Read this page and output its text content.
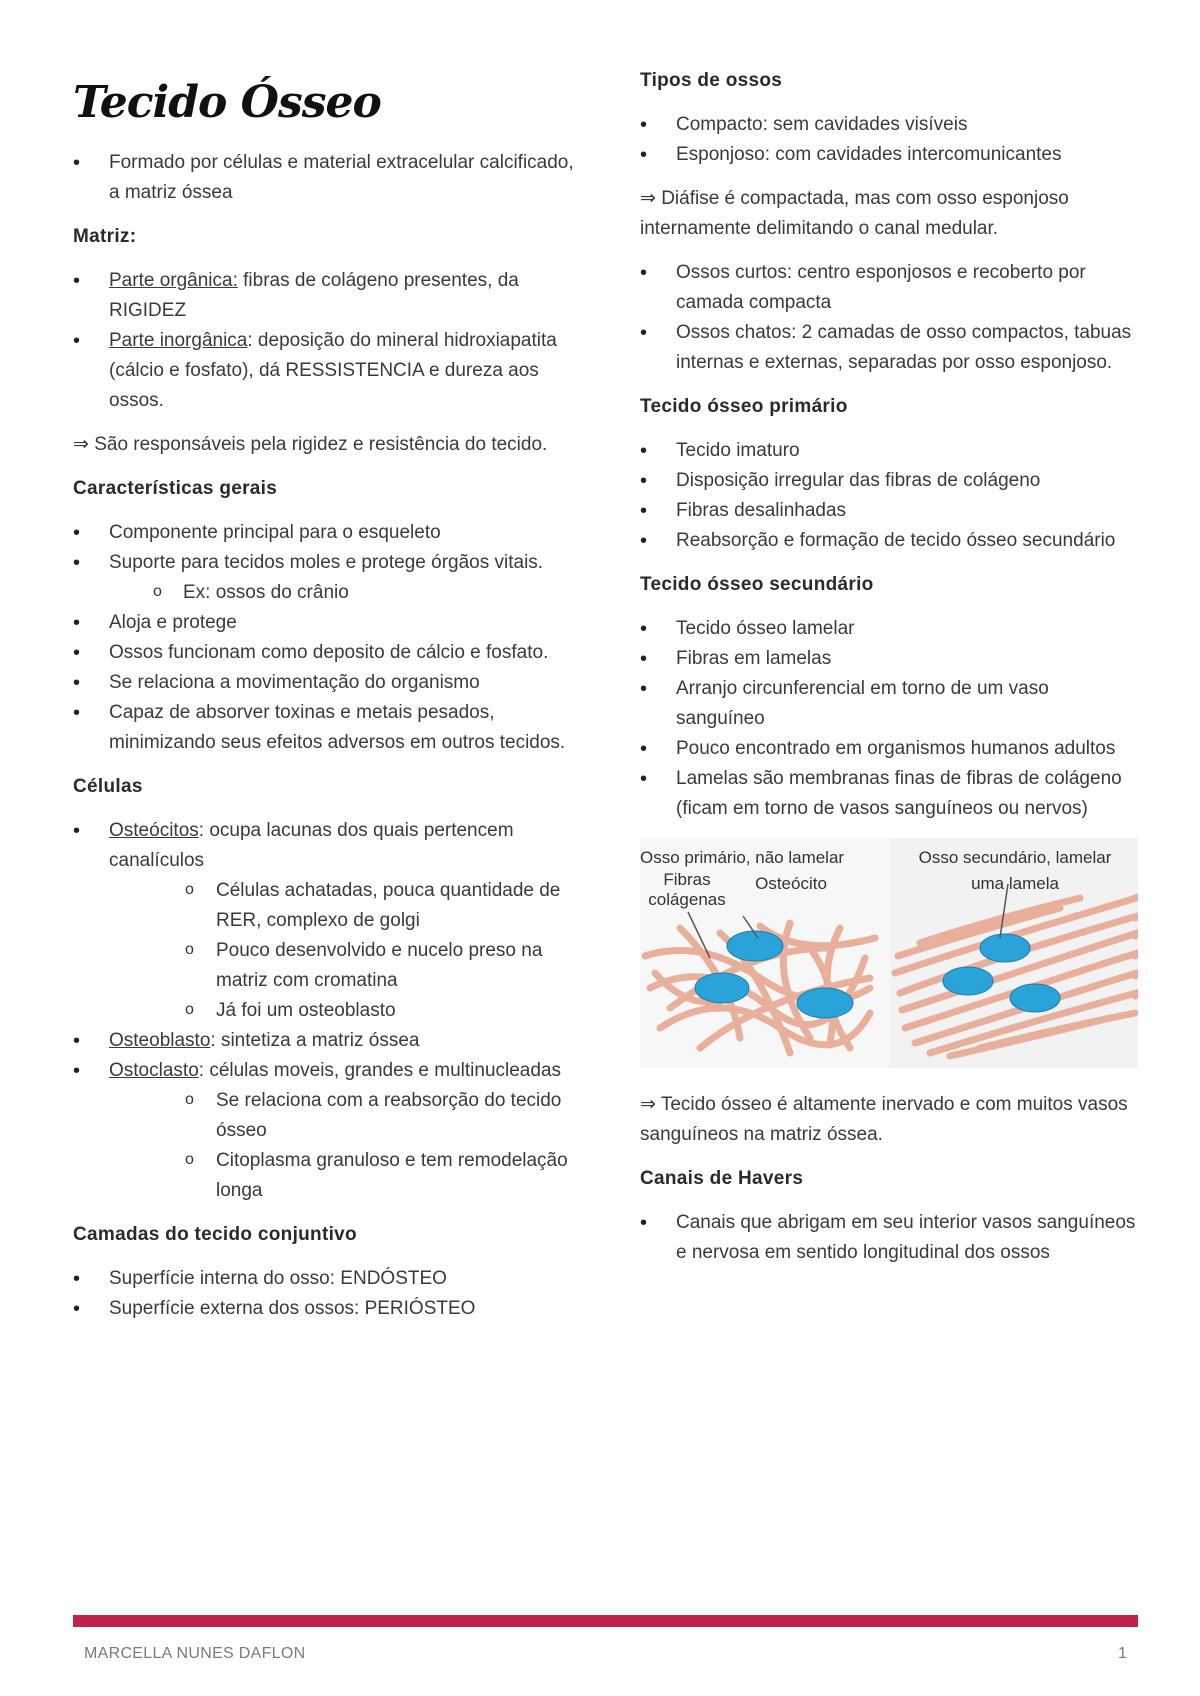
Tecido Ósseo
• Formado por células e material extracelular calcificado, a matriz óssea
Matriz:
• Parte orgânica: fibras de colágeno presentes, da RIGIDEZ
• Parte inorgânica: deposição do mineral hidroxiapatita (cálcio e fosfato), dá RESSISTENCIA e dureza aos ossos.

⇒ São responsáveis pela rigidez e resistência do tecido.

Características gerais
• Componente principal para o esqueleto
• Suporte para tecidos moles e protege órgãos vitais.
o Ex: ossos do crânio
• Aloja e protege
• Ossos funcionam como deposito de cálcio e fosfato.
• Se relaciona a movimentação do organismo
• Capaz de absorver toxinas e metais pesados, minimizando seus efeitos adversos em outros tecidos.
Células
• Osteócitos: ocupa lacunas dos quais pertencem canalículos
o Células achatadas, pouca quantidade de RER, complexo de golgi
o Pouco desenvolvido e nucelo preso na matriz com cromatina
o Já foi um osteoblasto
• Osteoblasto: sintetiza a matriz óssea
• Ostoclasto: células moveis, grandes e multinucleadas
o Se relaciona com a reabsorção do tecido ósseo
o Citoplasma granuloso e tem remodelação longa
Camadas do tecido conjuntivo
• Superfície interna do osso: ENDÓSTEO
• Superfície externa dos ossos: PERIÓSTEO
Tipos de ossos
• Compacto: sem cavidades visíveis
• Esponjoso: com cavidades intercomunicantes

⇒ Diáfise é compactada, mas com osso esponjoso internamente delimitando o canal medular.

• Ossos curtos: centro esponjosos e recoberto por camada compacta
• Ossos chatos: 2 camadas de osso compactos, tabuas internas e externas, separadas por osso esponjoso.
Tecido ósseo primário
• Tecido imaturo
• Disposição irregular das fibras de colágeno
• Fibras desalinhadas
• Reabsorção e formação de tecido ósseo secundário
Tecido ósseo secundário
• Tecido ósseo lamelar
• Fibras em lamelas
• Arranjo circunferencial em torno de um vaso sanguíneo
• Pouco encontrado em organismos humanos adultos
• Lamelas são membranas finas de fibras de colágeno (ficam em torno de vasos sanguíneos ou nervos)
Osso primário, não lamelar
Fibras colágenas
Osteócito
Osso secundário, lamelar
uma lamela

⇒ Tecido ósseo é altamente inervado e com muitos vasos sanguíneos na matriz óssea.

Canais de Havers
• Canais que abrigam em seu interior vasos sanguíneos e nervosa em sentido longitudinal dos ossos
MARCELLA NUNES DAFLON	1
